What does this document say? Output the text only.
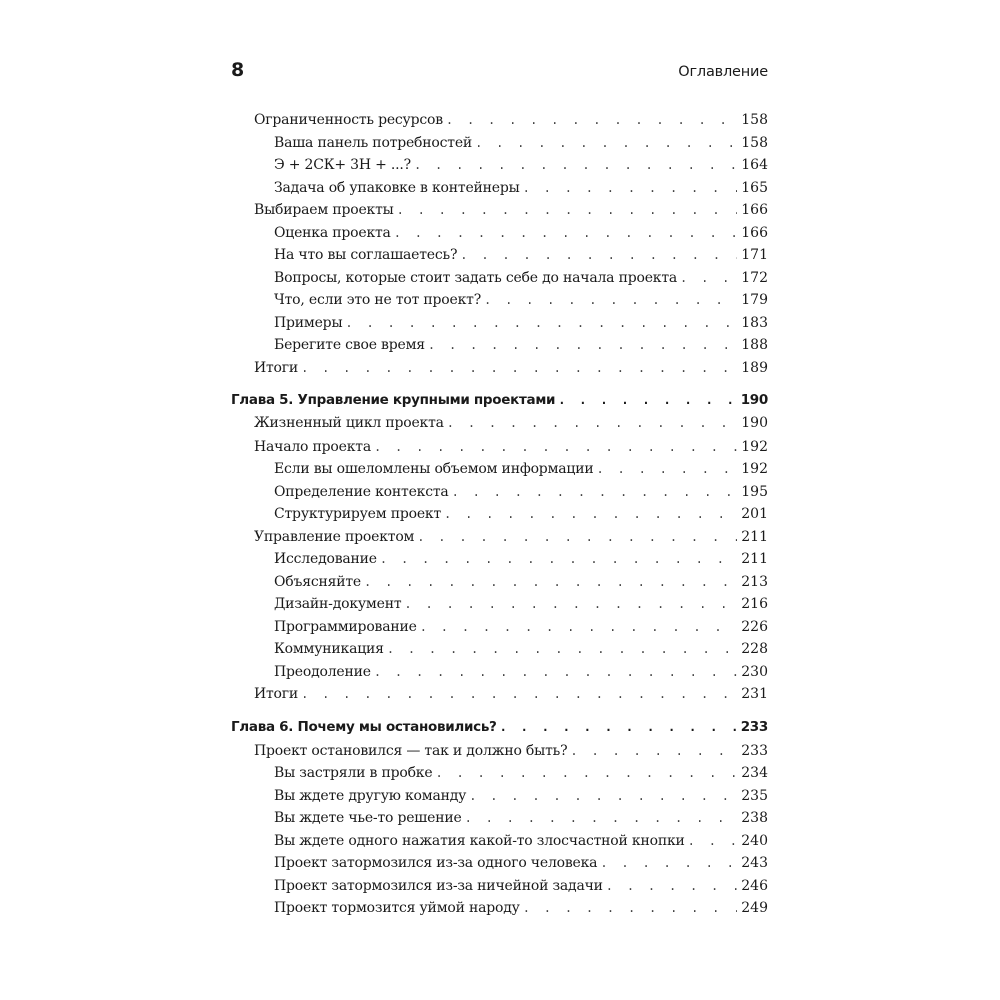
8	Оглавление
Ограниченность ресурсов . . .	158
Ваша панель потребностей . . .	158
Э + 2СК+ 3Н + ...? . . .	164
Задача об упаковке в контейнеры . . .	165
Выбираем проекты . . .	166
Оценка проекта . . .	166
На что вы соглашаетесь? . . .	171
Вопросы, которые стоит задать себе до начала проекта . . .	172
Что, если это не тот проект? . . .	179
Примеры . . .	183
Берегите свое время . . .	188
Итоги . . .	189
Глава 5. Управление крупными проектами . . .	190
Жизненный цикл проекта . . .	190
Начало проекта . . .	192
Если вы ошеломлены объемом информации . . .	192
Определение контекста . . .	195
Структурируем проект . . .	201
Управление проектом . . .	211
Исследование . . .	211
Объясняйте . . .	213
Дизайн-документ . . .	216
Программирование . . .	226
Коммуникация . . .	228
Преодоление . . .	230
Итоги . . .	231
Глава 6. Почему мы остановились? . . .	233
Проект остановился — так и должно быть? . . .	233
Вы застряли в пробке . . .	234
Вы ждете другую команду . . .	235
Вы ждете чье-то решение . . .	238
Вы ждете одного нажатия какой-то злосчастной кнопки . . .	240
Проект затормозился из-за одного человека . . .	243
Проект затормозился из-за ничейной задачи . . .	246
Проект тормозится уймой народу . . .	249
